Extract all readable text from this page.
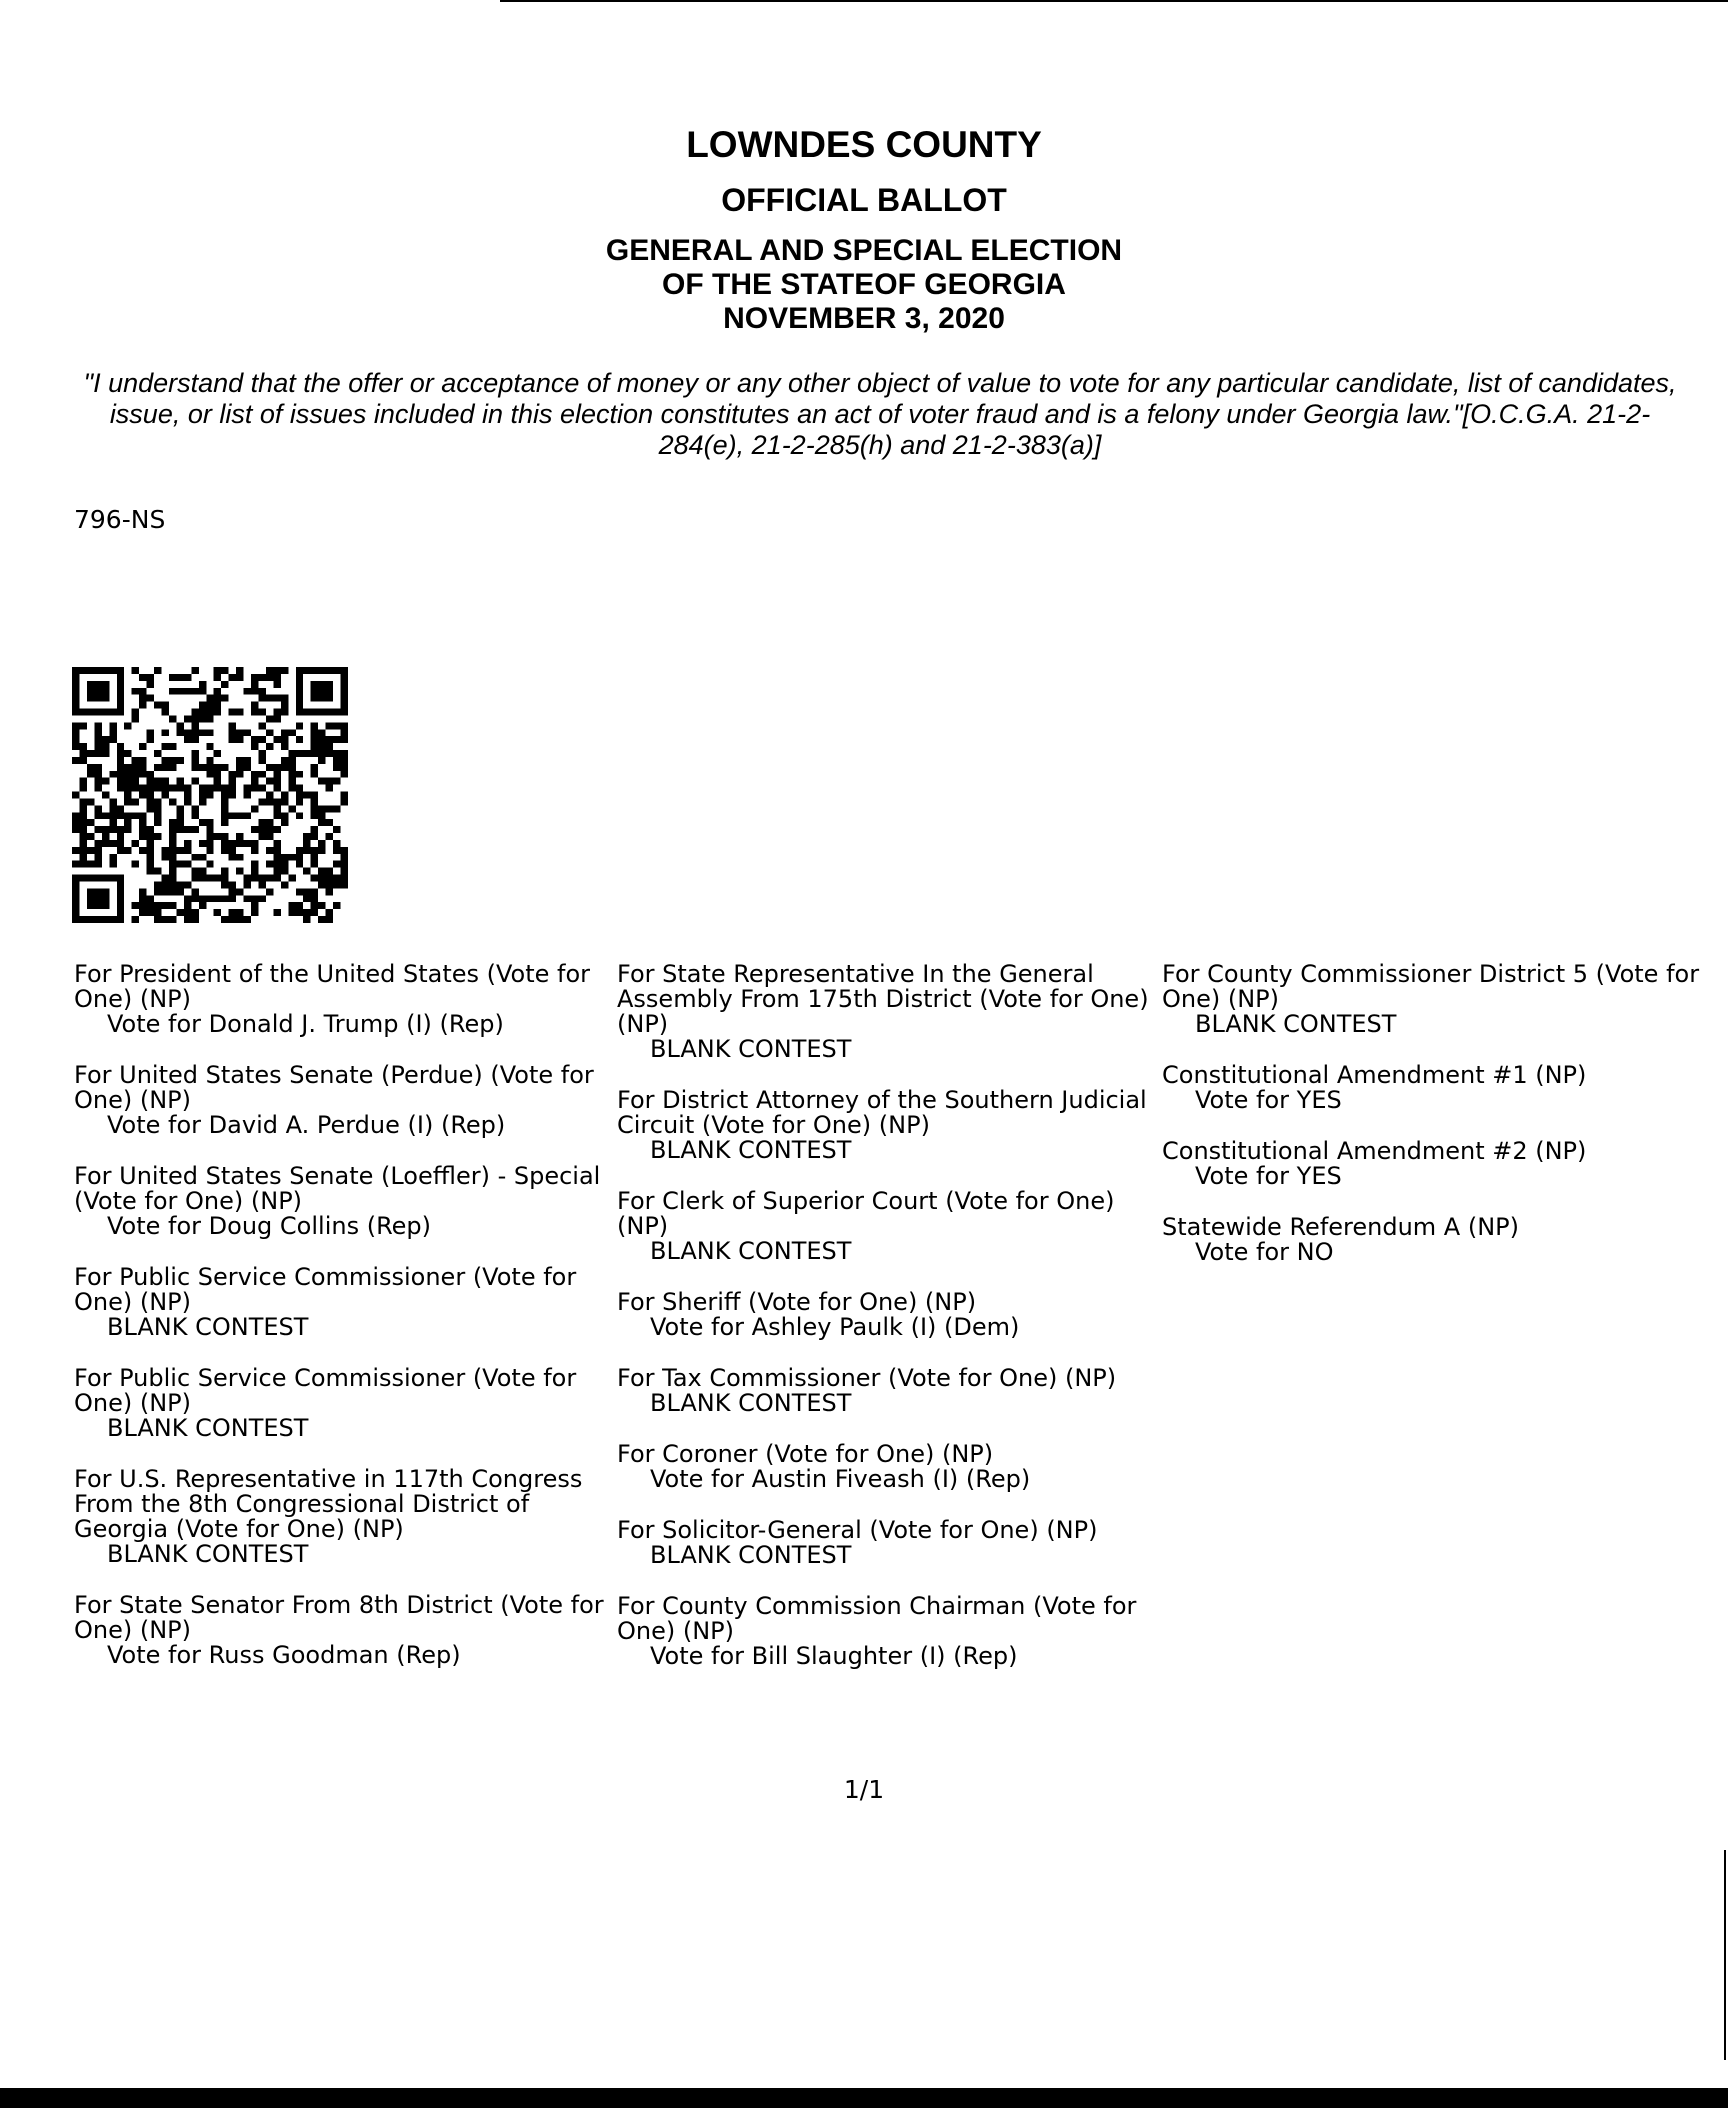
LOWNDES COUNTY
OFFICIAL BALLOT
GENERAL AND SPECIAL ELECTION
OF THE STATEOF GEORGIA
NOVEMBER 3, 2020
"I understand that the offer or acceptance of money or any other object of value to vote for any particular candidate, list of candidates, issue, or list of issues included in this election constitutes an act of voter fraud and is a felony under Georgia law."[O.C.G.A. 21-2-284(e), 21-2-285(h) and 21-2-383(a)]
796-NS
For President of the United States (Vote for One) (NP)
Vote for Donald J. Trump (I) (Rep)
For United States Senate (Perdue) (Vote for One) (NP)
Vote for David A. Perdue (I) (Rep)
For United States Senate (Loeffler) - Special (Vote for One) (NP)
Vote for Doug Collins (Rep)
For Public Service Commissioner (Vote for One) (NP)
BLANK CONTEST
For Public Service Commissioner (Vote for One) (NP)
BLANK CONTEST
For U.S. Representative in 117th Congress From the 8th Congressional District of Georgia (Vote for One) (NP)
BLANK CONTEST
For State Senator From 8th District (Vote for One) (NP)
Vote for Russ Goodman (Rep)
For State Representative In the General Assembly From 175th District (Vote for One) (NP)
BLANK CONTEST
For District Attorney of the Southern Judicial Circuit (Vote for One) (NP)
BLANK CONTEST
For Clerk of Superior Court (Vote for One) (NP)
BLANK CONTEST
For Sheriff (Vote for One) (NP)
Vote for Ashley Paulk (I) (Dem)
For Tax Commissioner (Vote for One) (NP)
BLANK CONTEST
For Coroner (Vote for One) (NP)
Vote for Austin Fiveash (I) (Rep)
For Solicitor-General (Vote for One) (NP)
BLANK CONTEST
For County Commission Chairman (Vote for One) (NP)
Vote for Bill Slaughter (I) (Rep)
For County Commissioner District 5 (Vote for One) (NP)
BLANK CONTEST
Constitutional Amendment #1 (NP)
Vote for YES
Constitutional Amendment #2 (NP)
Vote for YES
Statewide Referendum A (NP)
Vote for NO
1/1
